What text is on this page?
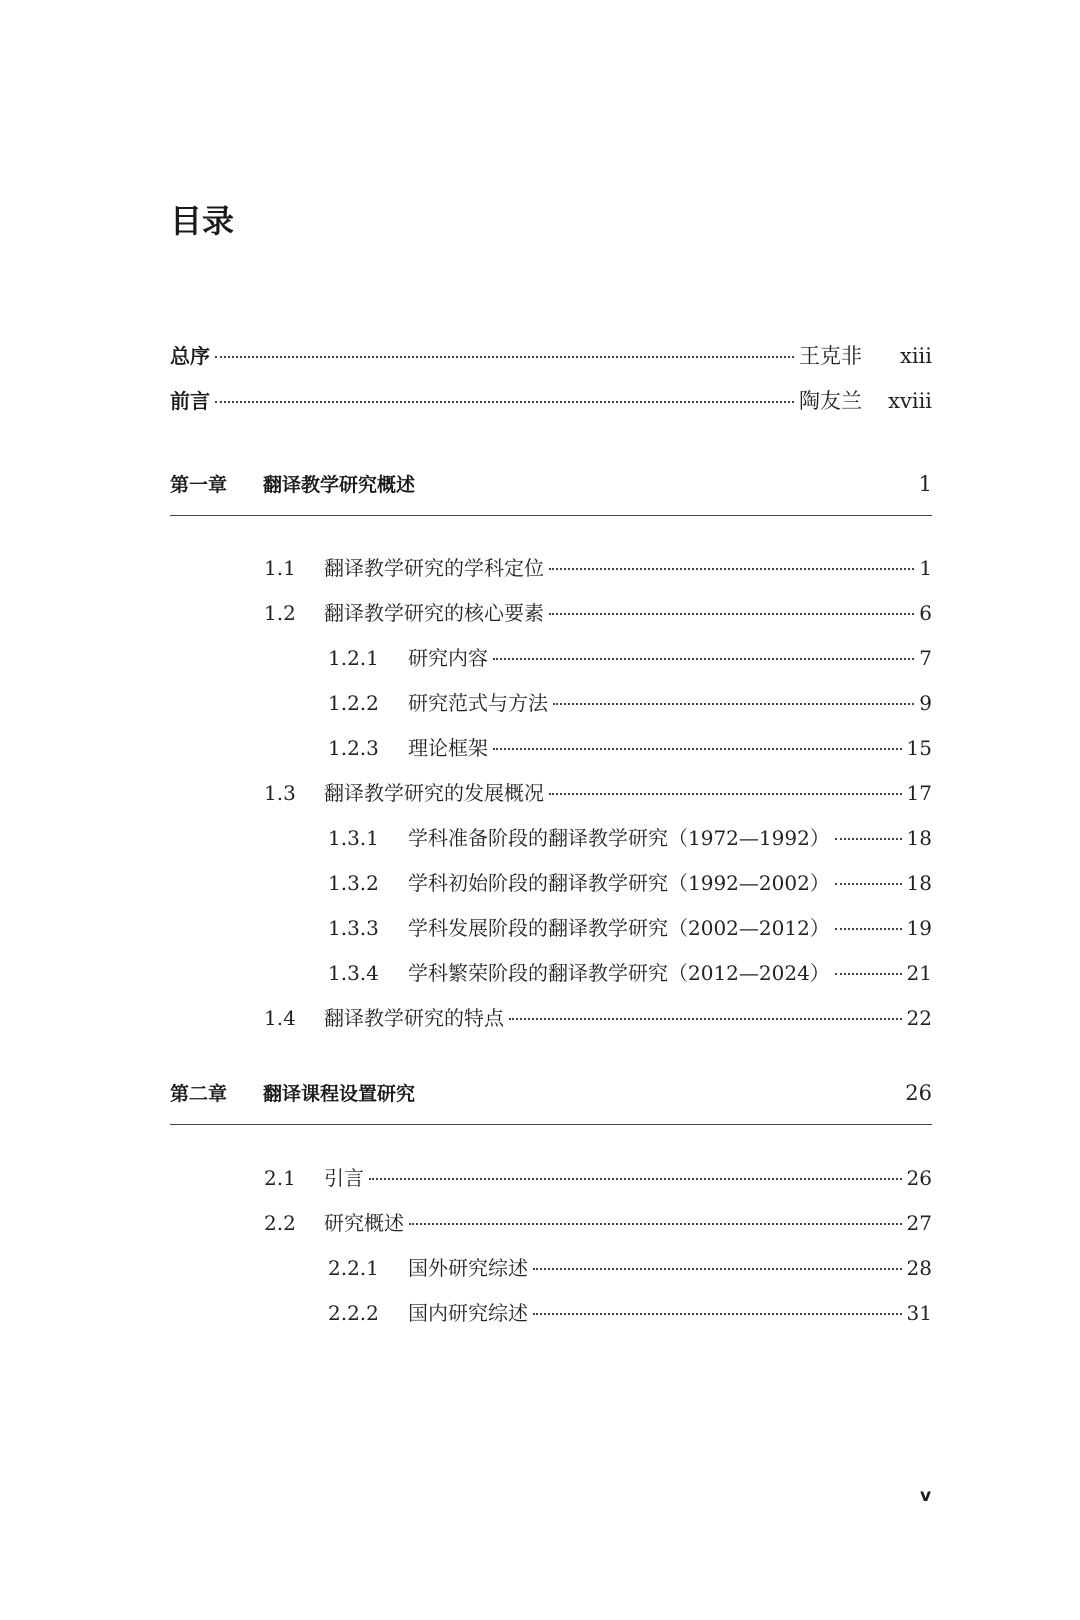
目录
总序	王克非	xiii
前言	陶友兰	xviii
第一章	翻译教学研究概述	1
1.1	翻译教学研究的学科定位	1
1.2	翻译教学研究的核心要素	6
1.2.1	研究内容	7
1.2.2	研究范式与方法	9
1.2.3	理论框架	15
1.3	翻译教学研究的发展概况	17
1.3.1	学科准备阶段的翻译教学研究（1972—1992）	18
1.3.2	学科初始阶段的翻译教学研究（1992—2002）	18
1.3.3	学科发展阶段的翻译教学研究（2002—2012）	19
1.3.4	学科繁荣阶段的翻译教学研究（2012—2024）	21
1.4	翻译教学研究的特点	22
第二章	翻译课程设置研究	26
2.1	引言	26
2.2	研究概述	27
2.2.1	国外研究综述	28
2.2.2	国内研究综述	31
v
